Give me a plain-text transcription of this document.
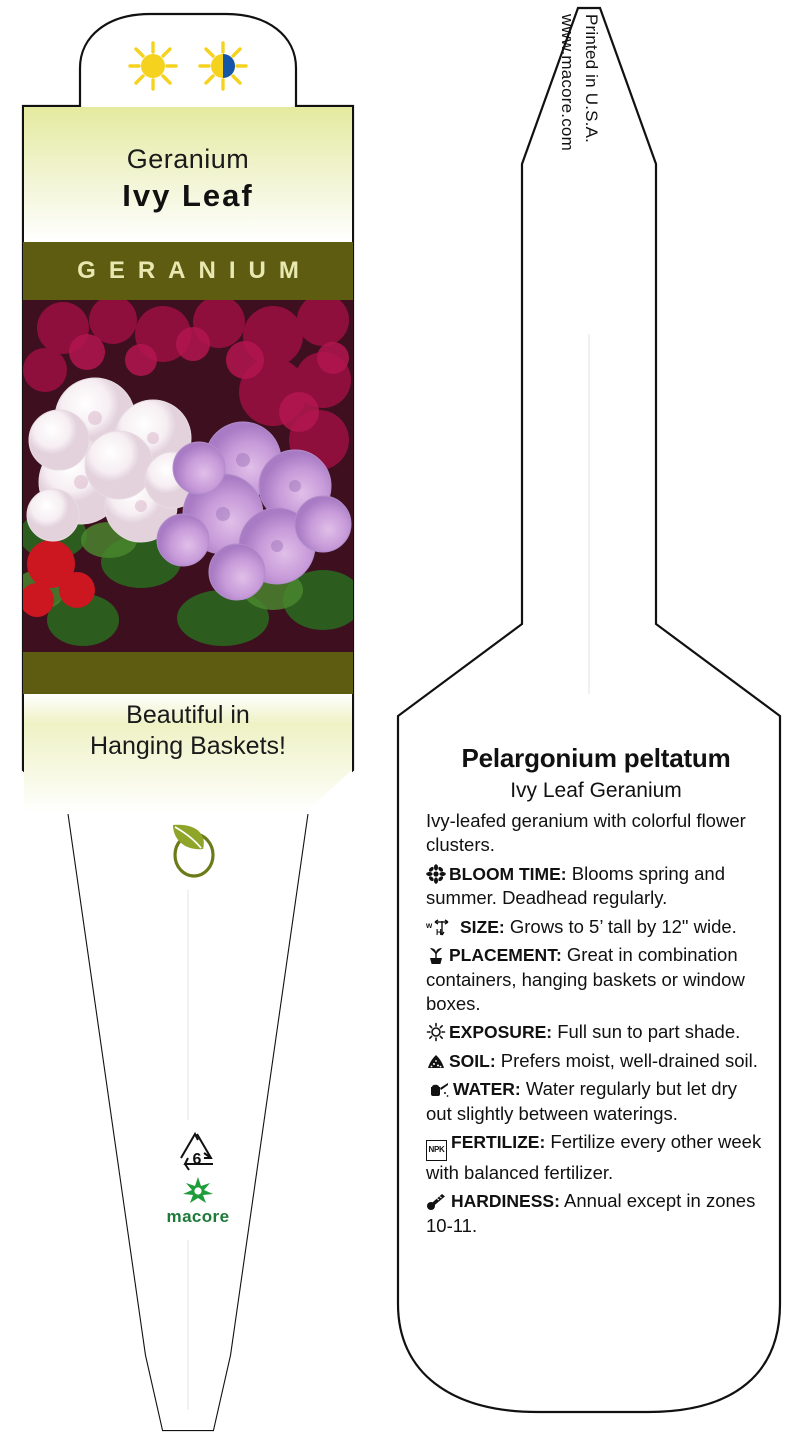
Geranium
Ivy Leaf
GERANIUM
Beautiful in
Hanging Baskets!
6
macore
Printed in U.S.A.
www.macore.com
Pelargonium peltatum
Ivy Leaf Geranium
Ivy-leafed geranium with colorful flower clusters.
BLOOM TIME: Blooms spring and summer. Deadhead regularly.
w
H SIZE: Grows to 5’ tall by 12" wide.
PLACEMENT: Great in combination containers, hanging baskets or window boxes.
EXPOSURE: Full sun to part shade.
SOIL: Prefers moist, well-drained soil.
WATER: Water regularly but let dry out slightly between waterings.
NPK FERTILIZE: Fertilize every other week with balanced fertilizer.
HARDINESS: Annual except in zones 10-11.
